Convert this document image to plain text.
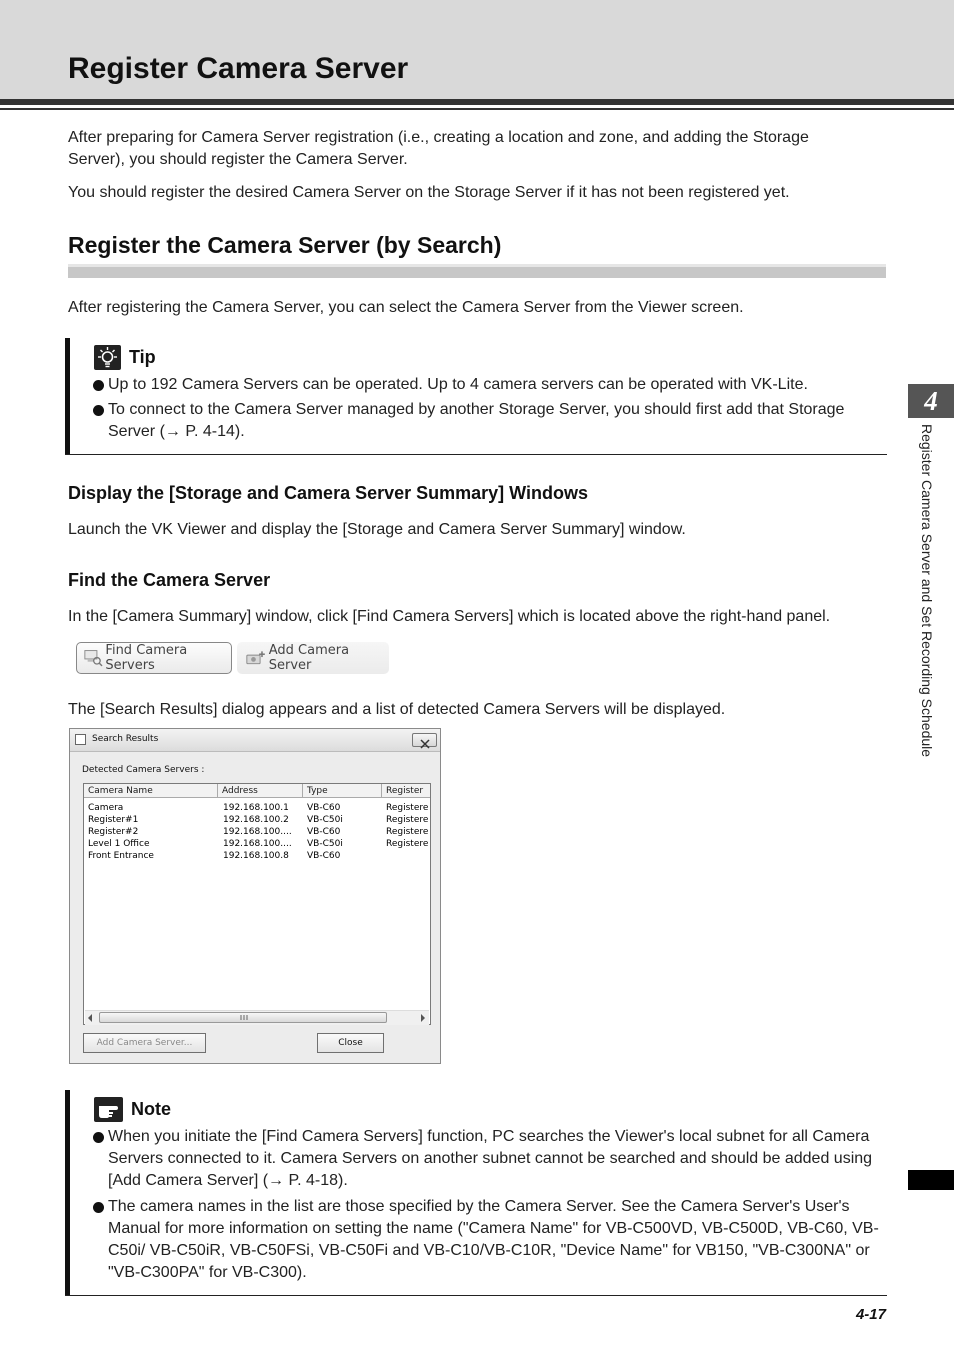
Register Camera Server
After preparing for Camera Server registration (i.e., creating a location and zone, and adding the Storage Server), you should register the Camera Server.
You should register the desired Camera Server on the Storage Server if it has not been registered yet.
Register the Camera Server (by Search)
After registering the Camera Server, you can select the Camera Server from the Viewer screen.
Tip
Up to 192 Camera Servers can be operated. Up to 4 camera servers can be operated with VK-Lite.
To connect to the Camera Server managed by another Storage Server, you should first add that Storage Server (→ P. 4-14).
Display the [Storage and Camera Server Summary] Windows
Launch the VK Viewer and display the [Storage and Camera Server Summary] window.
Find the Camera Server
In the [Camera Summary] window, click [Find Camera Servers] which is located above the right-hand panel.
Find Camera Servers
Add Camera Server
The [Search Results] dialog appears and a list of detected Camera Servers will be displayed.
Search Results
Detected Camera Servers :
Camera Name	Address	Type	Register
Camera	192.168.100.1 VB-C60	Registere
Register#1	192.168.100.2 VB-C50i	Registere
Register#2	192.168.100.... VB-C60	Registere
Level 1 Office	192.168.100.... VB-C50i	Registere
Front Entrance	192.168.100.8 VB-C60
Add Camera Server...	Close
Note
When you initiate the [Find Camera Servers] function, PC searches the Viewer's local subnet for all Camera Servers connected to it. Camera Servers on another subnet cannot be searched and should be added using [Add Camera Server] (→ P. 4-18).
The camera names in the list are those specified by the Camera Server. See the Camera Server's User's Manual for more information on setting the name ("Camera Name" for VB-C500VD, VB-C500D, VB-C60, VB-C50i/ VB-C50iR, VB-C50FSi, VB-C50Fi and VB-C10/VB-C10R, "Device Name" for VB150, "VB-C300NA" or "VB-C300PA" for VB-C300).
4
Register Camera Server and Set Recording Schedule
4-17
